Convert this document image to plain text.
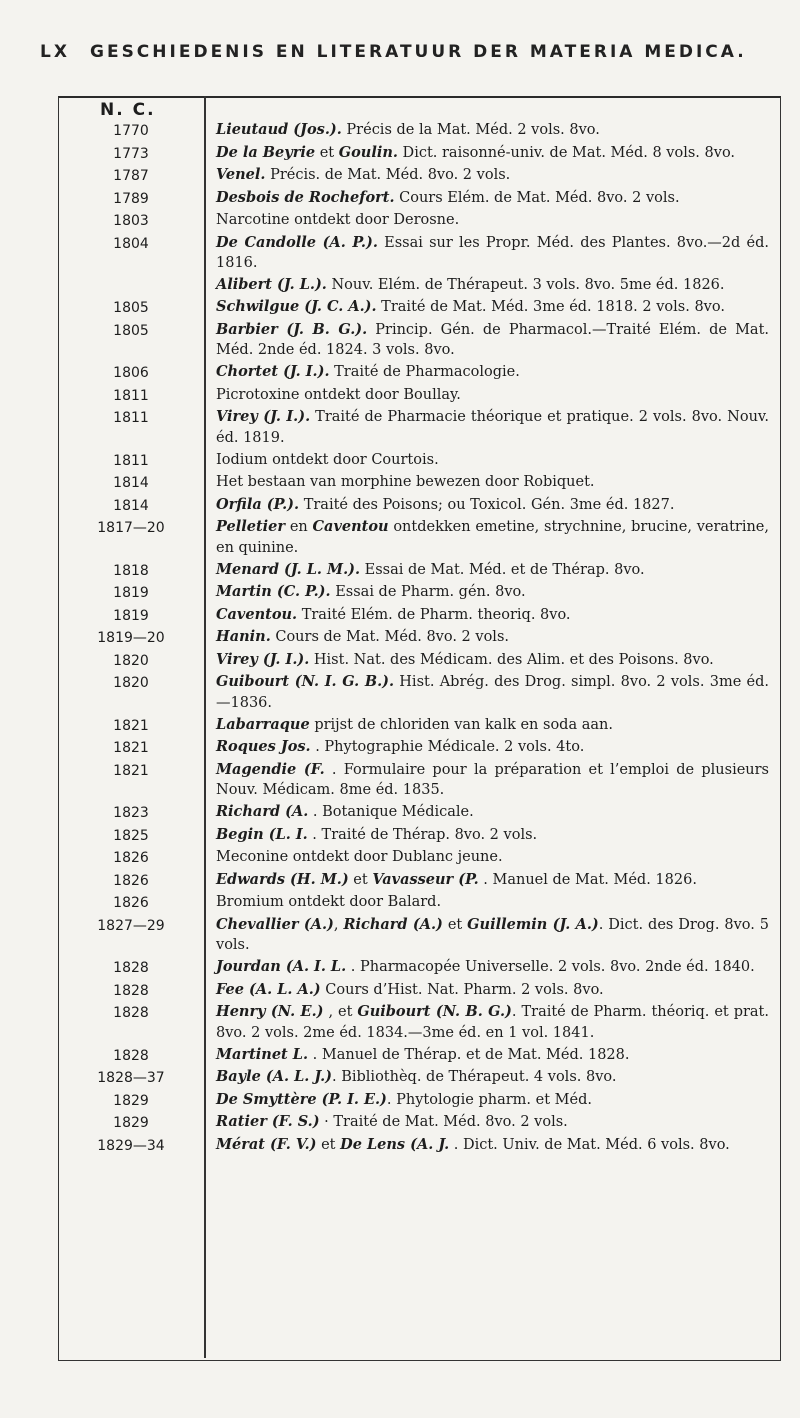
LX GESCHIEDENIS EN LITERATUUR DER MATERIA MEDICA.
N. C.
1770	Lieutaud (Jos.). Précis de la Mat. Méd. 2 vols. 8vo.
1773	De la Beyrie et Goulin. Dict. raisonné-univ. de Mat. Méd. 8 vols. 8vo.
1787	Venel. Précis. de Mat. Méd. 8vo. 2 vols.
1789	Desbois de Rochefort. Cours Elém. de Mat. Méd. 8vo. 2 vols.
1803	Narcotine ontdekt door Derosne.
1804	De Candolle (A. P.). Essai sur les Propr. Méd. des Plantes. 8vo.—2d éd. 1816.
Alibert (J. L.). Nouv. Elém. de Thérapeut. 3 vols. 8vo. 5me éd. 1826.
1805	Schwilgue (J. C. A.). Traité de Mat. Méd. 3me éd. 1818. 2 vols. 8vo.
1805	Barbier (J. B. G.). Princip. Gén. de Pharmacol.—Traité Elém. de Mat. Méd. 2nde éd. 1824. 3 vols. 8vo.
1806	Chortet (J. I.). Traité de Pharmacologie.
1811	Picrotoxine ontdekt door Boullay.
1811	Virey (J. I.). Traité de Pharmacie théorique et pratique. 2 vols. 8vo. Nouv. éd. 1819.
1811	Iodium ontdekt door Courtois.
1814	Het bestaan van morphine bewezen door Robiquet.
1814	Orfila (P.). Traité des Poisons; ou Toxicol. Gén. 3me éd. 1827.
1817—20	Pelletier en Caventou ontdekken emetine, strychnine, brucine, veratrine, en quinine.
1818	Menard (J. L. M.). Essai de Mat. Méd. et de Thérap. 8vo.
1819	Martin (C. P.). Essai de Pharm. gén. 8vo.
1819	Caventou. Traité Elém. de Pharm. theoriq. 8vo.
1819—20	Hanin. Cours de Mat. Méd. 8vo. 2 vols.
1820	Virey (J. I.). Hist. Nat. des Médicam. des Alim. et des Poisons. 8vo.
1820	Guibourt (N. I. G. B.). Hist. Abrég. des Drog. simpl. 8vo. 2 vols. 3me éd.—1836.
1821	Labarraque prijst de chloriden van kalk en soda aan.
1821	Roques Jos. . Phytographie Médicale. 2 vols. 4to.
1821	Magendie (F. . Formulaire pour la préparation et l’emploi de plusieurs Nouv. Médicam. 8me éd. 1835.
1823	Richard (A. . Botanique Médicale.
1825	Begin (L. I. . Traité de Thérap. 8vo. 2 vols.
1826	Meconine ontdekt door Dublanc jeune.
1826	Edwards (H. M.) et Vavasseur (P. . Manuel de Mat. Méd. 1826.
1826	Bromium ontdekt door Balard.
1827—29	Chevallier (A.), Richard (A.) et Guillemin (J. A.). Dict. des Drog. 8vo. 5 vols.
1828	Jourdan (A. I. L. . Pharmacopée Universelle. 2 vols. 8vo. 2nde éd. 1840.
1828	Fee (A. L. A.) Cours d’Hist. Nat. Pharm. 2 vols. 8vo.
1828	Henry (N. E.) , et Guibourt (N. B. G.). Traité de Pharm. théoriq. et prat. 8vo. 2 vols. 2me éd. 1834.—3me éd. en 1 vol. 1841.
1828	Martinet L. . Manuel de Thérap. et de Mat. Méd. 1828.
1828—37	Bayle (A. L. J.). Bibliothèq. de Thérapeut. 4 vols. 8vo.
1829	De Smyttère (P. I. E.). Phytologie pharm. et Méd.
1829	Ratier (F. S.) · Traité de Mat. Méd. 8vo. 2 vols.
1829—34	Mérat (F. V.) et De Lens (A. J. . Dict. Univ. de Mat. Méd. 6 vols. 8vo.
